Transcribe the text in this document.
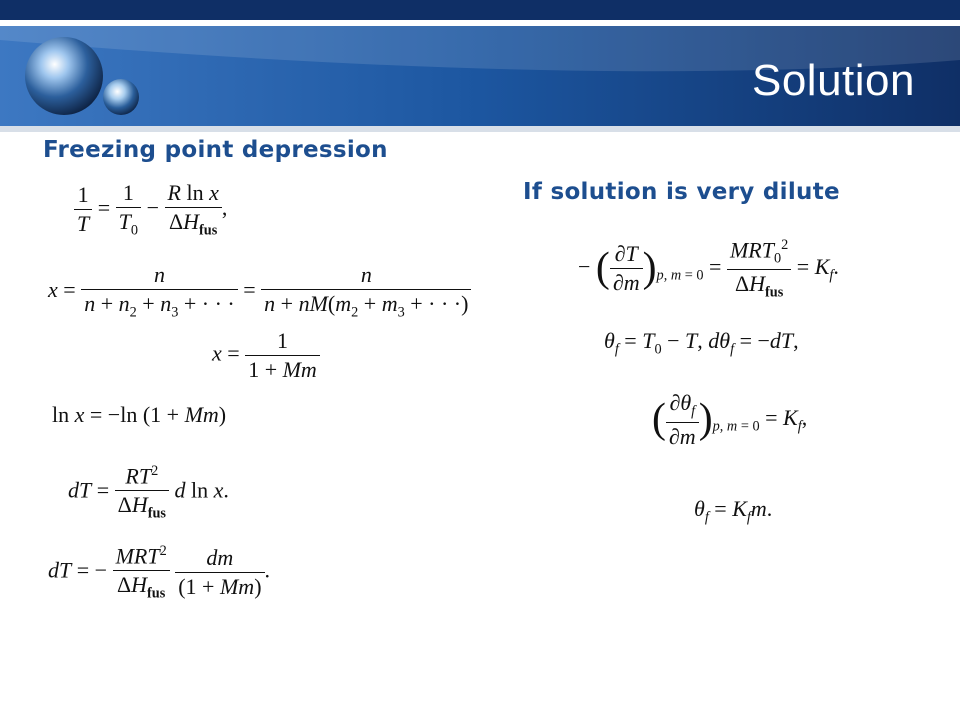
Solution
Freezing point depression
If solution is very dilute
$\frac{1}{T} = \frac{1}{T_0} - \frac{\text{R ln x}}{\Delta H_{fus}}$ ,
$x = \frac{n}{n + n_2 + n_3 + \cdot \cdot \cdot} = \frac{n}{n + nM(m_2 + m_3 + \cdot \cdot \cdot)}$
$x = \frac{1}{1 + Mm}$
ln x = −ln (1 + Mm)
dT = $\frac{RT^2}{\Delta H_{fus}}$ d ln x.
dT = − $\frac{MRT^2}{\Delta H_{fus}}$
$\frac{dm}{(1 + Mm)}$ .
− ( $\frac{\partial T}{\partial m} )_{p, m = 0} = \frac{MRT_0^2}{\Delta H_{fus}} = K_f$.
$\theta_f = T_0 - T$, $d\theta_f = -dT$,
( $\frac{\partial\theta_f}{\partial m} )_{p, m = 0} = K_f$,
$\theta_f = K_fm$.
